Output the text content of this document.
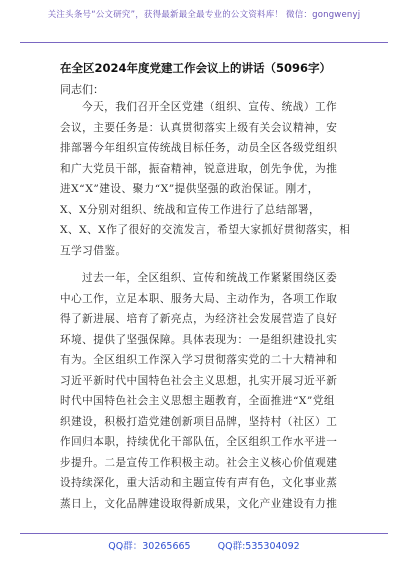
关注头条号“公文研究”，获得最新最全最专业的公文资料库！ 微信：gongwenyj
在全区2024年度党建工作会议上的讲话（5096字）
同志们：
今天，我们召开全区党建（组织、宣传、统战）工作
会议，主要任务是：认真贯彻落实上级有关会议精神，安
排部署今年组织宣传统战目标任务，动员全区各级党组织
和广大党员干部，振奋精神，锐意进取，创先争优，为推
进X“X”建设、聚力“X”提供坚强的政治保证。刚才，
X、X分别对组织、统战和宣传工作进行了总结部署，
X、X、X作了很好的交流发言，希望大家抓好贯彻落实，相
互学习借鉴。
过去一年，全区组织、宣传和统战工作紧紧围绕区委
中心工作，立足本职、服务大局、主动作为，各项工作取
得了新进展、培育了新亮点，为经济社会发展营造了良好
环境、提供了坚强保障。具体表现为：一是组织建设扎实
有为。全区组织工作深入学习贯彻落实党的二十大精神和
习近平新时代中国特色社会主义思想，扎实开展习近平新
时代中国特色社会主义思想主题教育，全面推进“X”党组
织建设，积极打造党建创新项目品牌，坚持村（社区）工
作回归本职，持续优化干部队伍，全区组织工作水平进一
步提升。二是宣传工作积极主动。社会主义核心价值观建
设持续深化，重大活动和主题宣传有声有色，文化事业蒸
蒸日上，文化品牌建设取得新成果，文化产业建设有力推
QQ群：30265665	QQ群:535304092
